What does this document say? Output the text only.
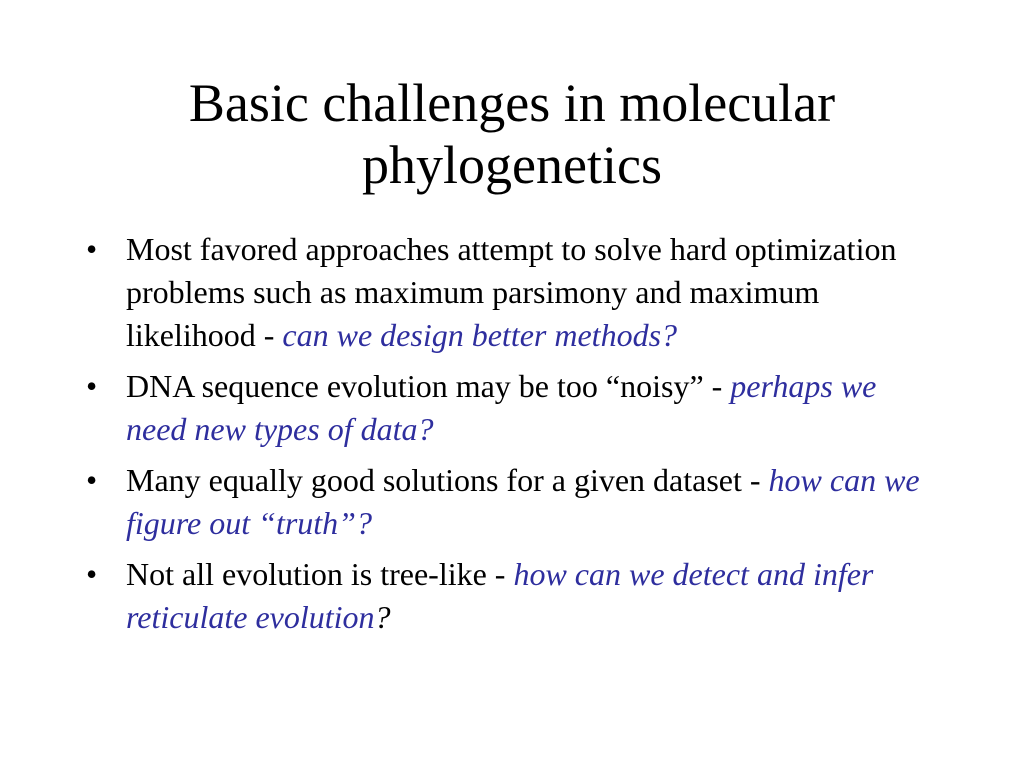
Basic challenges in molecular phylogenetics
• Most favored approaches attempt to solve hard optimization problems such as maximum parsimony and maximum likelihood - can we design better methods?
• DNA sequence evolution may be too “noisy” - perhaps we need new types of data?
• Many equally good solutions for a given dataset - how can we figure out “truth”?
• Not all evolution is tree-like - how can we detect and infer reticulate evolution?
